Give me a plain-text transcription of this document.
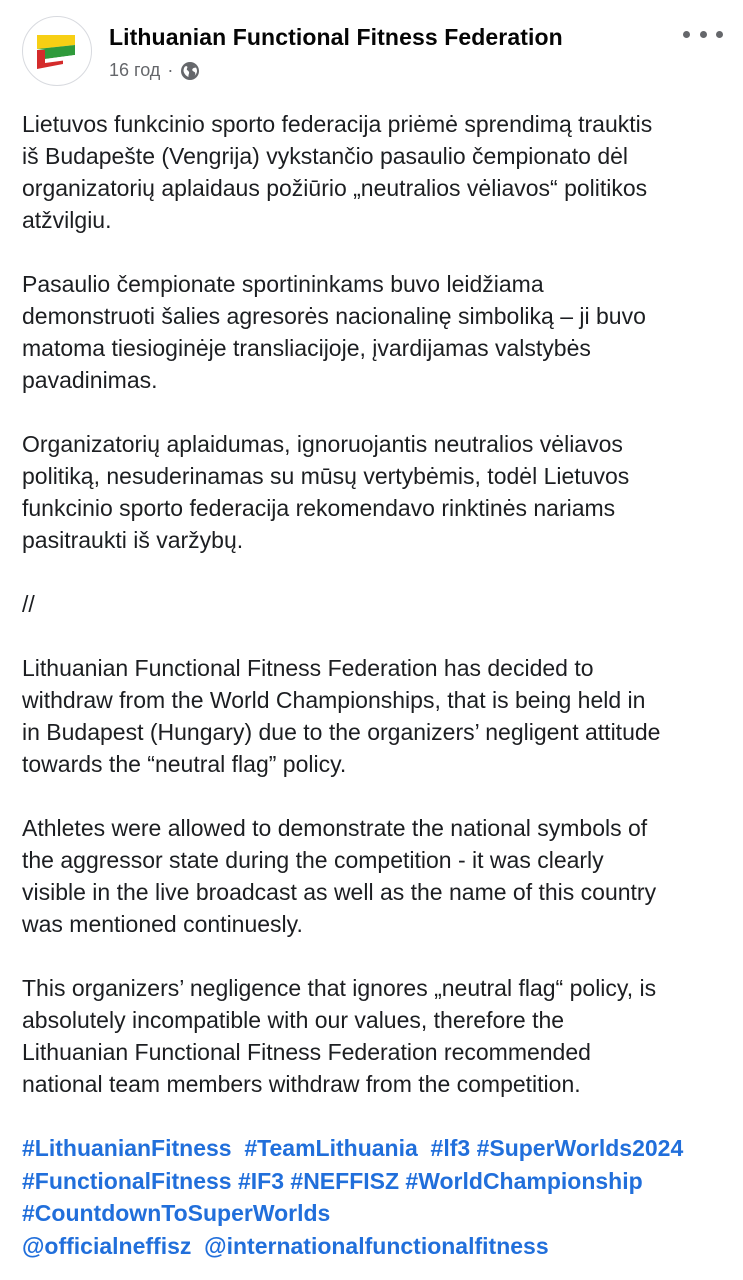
Lithuanian Functional Fitness Federation
16 год ·

Lietuvos funkcinio sporto federacija priėmė sprendimą trauktis
iš Budapešte (Vengrija) vykstančio pasaulio čempionato dėl
organizatorių aplaidaus požiūrio „neutralios vėliavos“ politikos
atžvilgiu.

Pasaulio čempionate sportininkams buvo leidžiama
demonstruoti šalies agresorės nacionalinę simboliką – ji buvo
matoma tiesioginėje transliacijoje, įvardijamas valstybės
pavadinimas.

Organizatorių aplaidumas, ignoruojantis neutralios vėliavos
politiką, nesuderinamas su mūsų vertybėmis, todėl Lietuvos
funkcinio sporto federacija rekomendavo rinktinės nariams
pasitraukti iš varžybų.

//

Lithuanian Functional Fitness Federation has decided to
withdraw from the World Championships, that is being held in
in Budapest (Hungary) due to the organizers’ negligent attitude
towards the “neutral flag” policy.

Athletes were allowed to demonstrate the national symbols of
the aggressor state during the competition - it was clearly
visible in the live broadcast as well as the name of this country
was mentioned continuesly.

This organizers’ negligence that ignores „neutral flag“ policy, is
absolutely incompatible with our values, therefore the
Lithuanian Functional Fitness Federation recommended
national team members withdraw from the competition.

#LithuanianFitness #TeamLithuania #lf3 #SuperWorlds2024
#FunctionalFitness #IF3 #NEFFISZ #WorldChampionship
#CountdownToSuperWorlds
@officialneffisz @internationalfunctionalfitness
